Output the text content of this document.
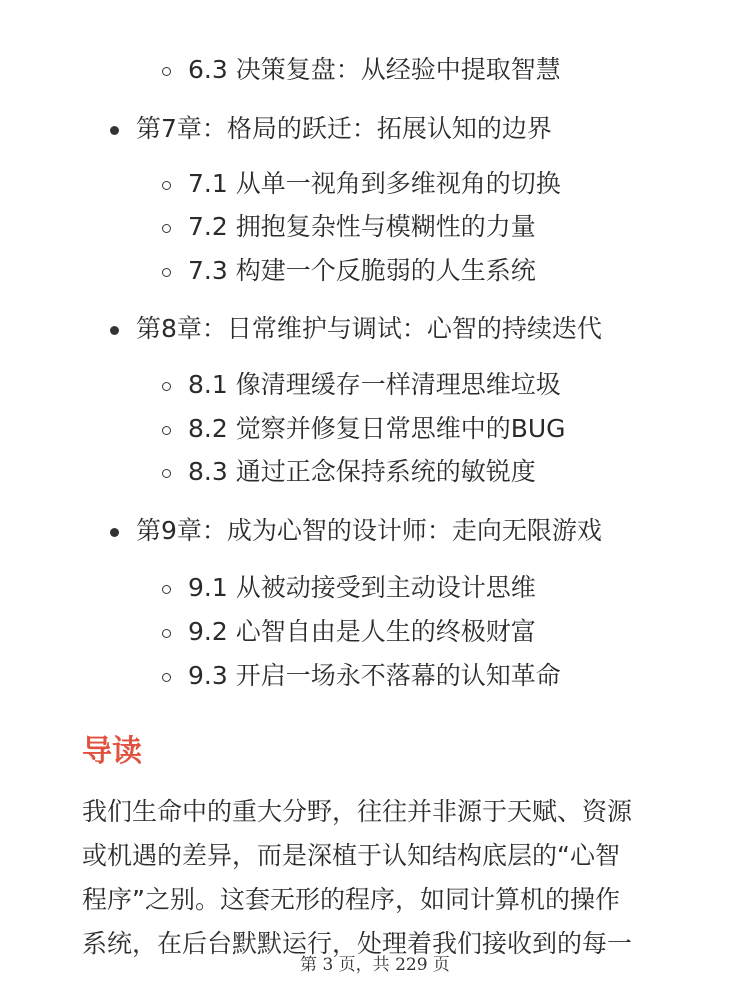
6.3 决策复盘：从经验中提取智慧
第7章：格局的跃迁：拓展认知的边界
7.1 从单一视角到多维视角的切换
7.2 拥抱复杂性与模糊性的力量
7.3 构建一个反脆弱的人生系统
第8章：日常维护与调试：心智的持续迭代
8.1 像清理缓存一样清理思维垃圾
8.2 觉察并修复日常思维中的BUG
8.3 通过正念保持系统的敏锐度
第9章：成为心智的设计师：走向无限游戏
9.1 从被动接受到主动设计思维
9.2 心智自由是人生的终极财富
9.3 开启一场永不落幕的认知革命
导读
我们生命中的重大分野，往往并非源于天赋、资源
或机遇的差异，而是深植于认知结构底层的“心智
程序”之别。这套无形的程序，如同计算机的操作
系统，在后台默默运行，处理着我们接收到的每一
第 3 页，共 229 页
